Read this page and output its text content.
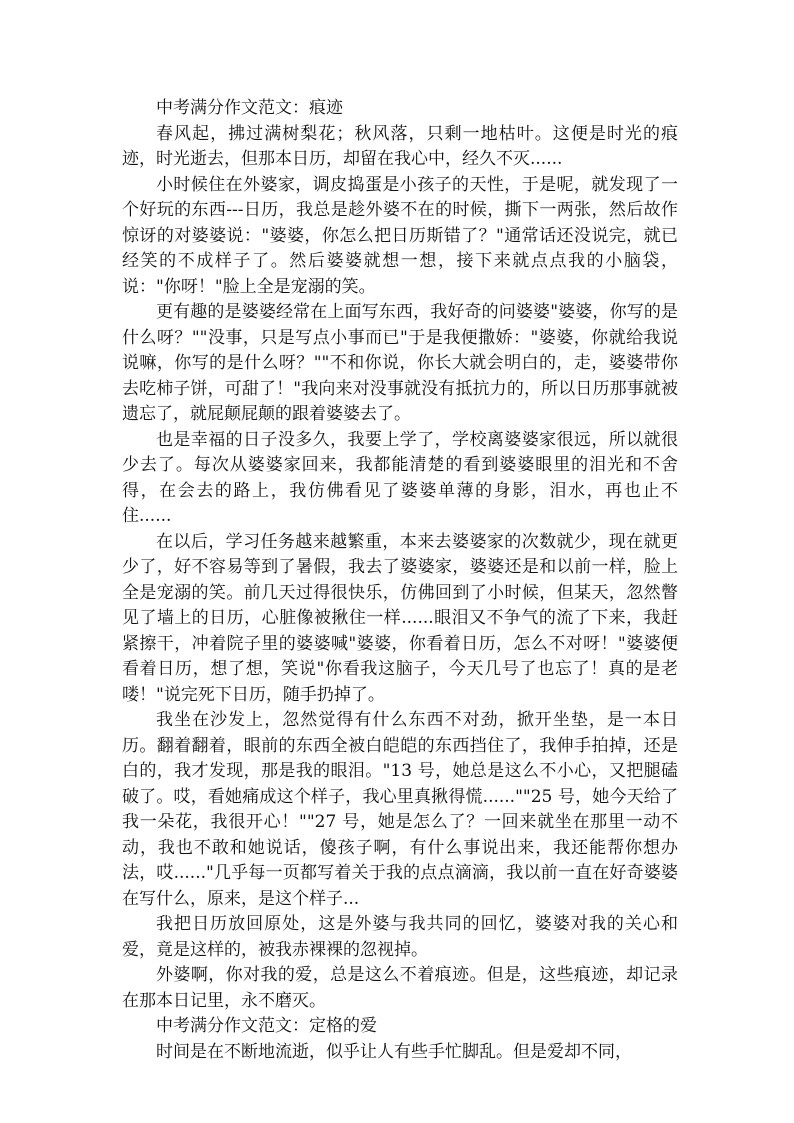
中考满分作文范文：痕迹

春风起，拂过满树梨花；秋风落，只剩一地枯叶。这便是时光的痕迹，时光逝去，但那本日历，却留在我心中，经久不灭......

小时候住在外婆家，调皮捣蛋是小孩子的天性，于是呢，就发现了一个好玩的东西---日历，我总是趁外婆不在的时候，撕下一两张，然后故作惊讶的对婆婆说："婆婆，你怎么把日历斯错了？"通常话还没说完，就已经笑的不成样子了。然后婆婆就想一想，接下来就点点我的小脑袋，说："你呀！"脸上全是宠溺的笑。

更有趣的是婆婆经常在上面写东西，我好奇的问婆婆"婆婆，你写的是什么呀？""没事，只是写点小事而已"于是我便撒娇："婆婆，你就给我说说嘛，你写的是什么呀？""不和你说，你长大就会明白的，走，婆婆带你去吃柿子饼，可甜了！"我向来对没事就没有抵抗力的，所以日历那事就被遗忘了，就屁颠屁颠的跟着婆婆去了。

也是幸福的日子没多久，我要上学了，学校离婆婆家很远，所以就很少去了。每次从婆婆家回来，我都能清楚的看到婆婆眼里的泪光和不舍得，在会去的路上，我仿佛看见了婆婆单薄的身影，泪水，再也止不住......

在以后，学习任务越来越繁重，本来去婆婆家的次数就少，现在就更少了，好不容易等到了暑假，我去了婆婆家，婆婆还是和以前一样，脸上全是宠溺的笑。前几天过得很快乐，仿佛回到了小时候，但某天，忽然瞥见了墙上的日历，心脏像被揪住一样......眼泪又不争气的流了下来，我赶紧擦干，冲着院子里的婆婆喊"婆婆，你看着日历，怎么不对呀！"婆婆便看着日历，想了想，笑说"你看我这脑子，今天几号了也忘了！真的是老喽！"说完死下日历，随手扔掉了。

我坐在沙发上，忽然觉得有什么东西不对劲，掀开坐垫，是一本日历。翻着翻着，眼前的东西全被白皑皑的东西挡住了，我伸手拍掉，还是白的，我才发现，那是我的眼泪。"13 号，她总是这么不小心，又把腿磕破了。哎，看她痛成这个样子，我心里真揪得慌......""25 号，她今天给了我一朵花，我很开心！""27 号，她是怎么了？一回来就坐在那里一动不动，我也不敢和她说话，傻孩子啊，有什么事说出来，我还能帮你想办法，哎......"几乎每一页都写着关于我的点点滴滴，我以前一直在好奇婆婆在写什么，原来，是这个样子...

我把日历放回原处，这是外婆与我共同的回忆，婆婆对我的关心和爱，竟是这样的，被我赤裸裸的忽视掉。

外婆啊，你对我的爱，总是这么不着痕迹。但是，这些痕迹，却记录在那本日记里，永不磨灭。

中考满分作文范文：定格的爱

时间是在不断地流逝，似乎让人有些手忙脚乱。但是爱却不同，
